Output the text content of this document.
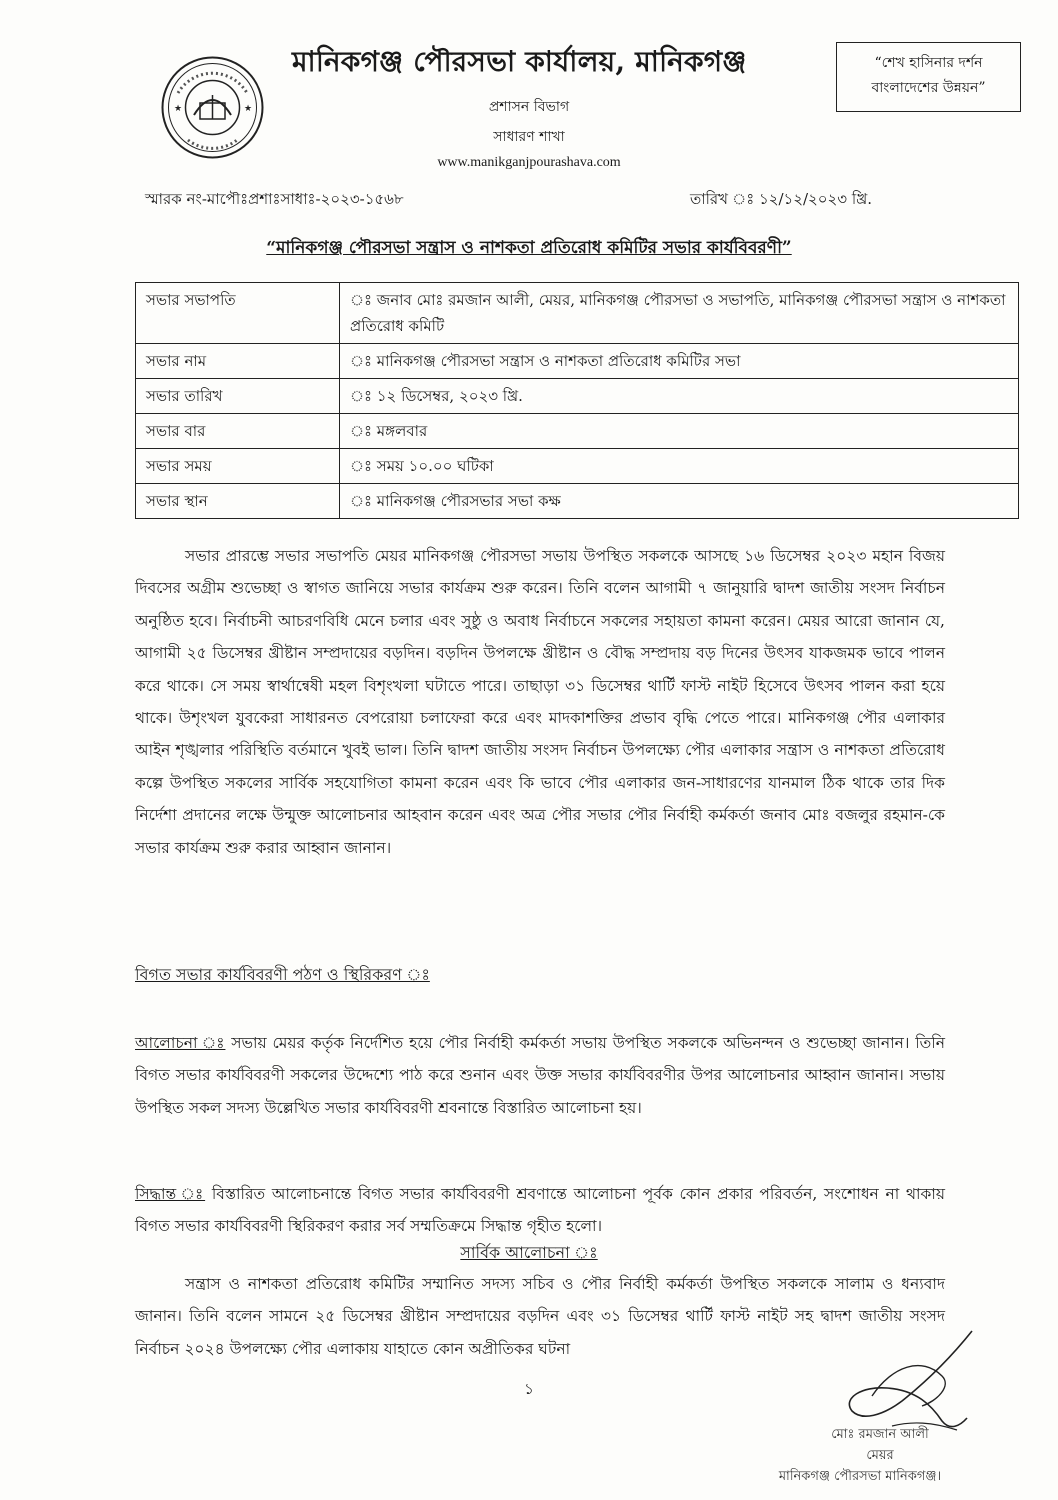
★	★
মানিকগঞ্জ পৌরসভা কার্যালয়, মানিকগঞ্জ	“শেখ হাসিনার দর্শন
বাংলাদেশের উন্নয়ন”
প্রশাসন বিভাগ
সাধারণ শাখা
www.manikganjpourashava.com
স্মারক নং-মাপৌঃপ্রশাঃসাধাঃ-২০২৩-১৫৬৮	তারিখ ঃ ১২/১২/২০২৩ খ্রি.
“মানিকগঞ্জ পৌরসভা সন্ত্রাস ও নাশকতা প্রতিরোধ কমিটির সভার কার্যবিবরণী”
সভার সভাপতি	ঃ জনাব মোঃ রমজান আলী, মেয়র, মানিকগঞ্জ পৌরসভা ও সভাপতি, মানিকগঞ্জ পৌরসভা সন্ত্রাস ও নাশকতা প্রতিরোধ কমিটি
সভার নাম	ঃ মানিকগঞ্জ পৌরসভা সন্ত্রাস ও নাশকতা প্রতিরোধ কমিটির সভা
সভার তারিখ	ঃ ১২ ডিসেম্বর, ২০২৩ খ্রি.
সভার বার	ঃ মঙ্গলবার
সভার সময়	ঃ সময় ১০.০০ ঘটিকা
সভার স্থান	ঃ মানিকগঞ্জ পৌরসভার সভা কক্ষ
সভার প্রারম্ভে সভার সভাপতি মেয়র মানিকগঞ্জ পৌরসভা সভায় উপস্থিত সকলকে আসছে ১৬ ডিসেম্বর ২০২৩ মহান বিজয় দিবসের অগ্রীম শুভেচ্ছা ও স্বাগত জানিয়ে সভার কার্যক্রম শুরু করেন। তিনি বলেন আগামী ৭ জানুয়ারি দ্বাদশ জাতীয় সংসদ নির্বাচন অনুষ্ঠিত হবে। নির্বাচনী আচরণবিধি মেনে চলার এবং সুষ্ঠু ও অবাধ নির্বাচনে সকলের সহায়তা কামনা করেন। মেয়র আরো জানান যে, আগামী ২৫ ডিসেম্বর খ্রীষ্টান সম্প্রদায়ের বড়দিন। বড়দিন উপলক্ষে খ্রীষ্টান ও বৌদ্ধ সম্প্রদায় বড় দিনের উৎসব যাকজমক ভাবে পালন করে থাকে। সে সময় স্বার্থান্বেষী মহল বিশৃংখলা ঘটাতে পারে। তাছাড়া ৩১ ডিসেম্বর থার্টি ফাস্ট নাইট হিসেবে উৎসব পালন করা হয়ে থাকে। উশৃংখল যুবকেরা সাধারনত বেপরোয়া চলাফেরা করে এবং মাদকাশক্তির প্রভাব বৃদ্ধি পেতে পারে। মানিকগঞ্জ পৌর এলাকার আইন শৃঙ্খলার পরিস্থিতি বর্তমানে খুবই ভাল। তিনি দ্বাদশ জাতীয় সংসদ নির্বাচন উপলক্ষ্যে পৌর এলাকার সন্ত্রাস ও নাশকতা প্রতিরোধ কল্পে উপস্থিত সকলের সার্বিক সহযোগিতা কামনা করেন এবং কি ভাবে পৌর এলাকার জন-সাধারণের যানমাল ঠিক থাকে তার দিক নির্দেশা প্রদানের লক্ষে উন্মুক্ত আলোচনার আহবান করেন এবং অত্র পৌর সভার পৌর নির্বাহী কর্মকর্তা জনাব মোঃ বজলুর রহমান-কে সভার কার্যক্রম শুরু করার আহ্বান জানান।
বিগত সভার কার্যবিবরণী পঠণ ও স্থিরিকরণ ঃ
আলোচনা ঃ সভায় মেয়র কর্তৃক নির্দেশিত হয়ে পৌর নির্বাহী কর্মকর্তা সভায় উপস্থিত সকলকে অভিনন্দন ও শুভেচ্ছা জানান। তিনি বিগত সভার কার্যবিবরণী সকলের উদ্দেশ্যে পাঠ করে শুনান এবং উক্ত সভার কার্যবিবরণীর উপর আলোচনার আহ্বান জানান। সভায় উপস্থিত সকল সদস্য উল্লেখিত সভার কার্যবিবরণী শ্রবনান্তে বিস্তারিত আলোচনা হয়।
সিদ্ধান্ত ঃ বিস্তারিত আলোচনান্তে বিগত সভার কার্যবিবরণী শ্রবণান্তে আলোচনা পূর্বক কোন প্রকার পরিবর্তন, সংশোধন না থাকায় বিগত সভার কার্যবিবরণী স্থিরিকরণ করার সর্ব সম্মতিক্রমে সিদ্ধান্ত গৃহীত হলো।
সার্বিক আলোচনা ঃ
সন্ত্রাস ও নাশকতা প্রতিরোধ কমিটির সম্মানিত সদস্য সচিব ও পৌর নির্বাহী কর্মকর্তা উপস্থিত সকলকে সালাম ও ধন্যবাদ জানান। তিনি বলেন সামনে ২৫ ডিসেম্বর খ্রীষ্টান সম্প্রদায়ের বড়দিন এবং ৩১ ডিসেম্বর থার্টি ফাস্ট নাইট সহ দ্বাদশ জাতীয় সংসদ নির্বাচন ২০২৪ উপলক্ষ্যে পৌর এলাকায় যাহাতে কোন অপ্রীতিকর ঘটনা
১
মোঃ রমজান আলী
মেয়র
মানিকগঞ্জ পৌরসভা মানিকগঞ্জ।
